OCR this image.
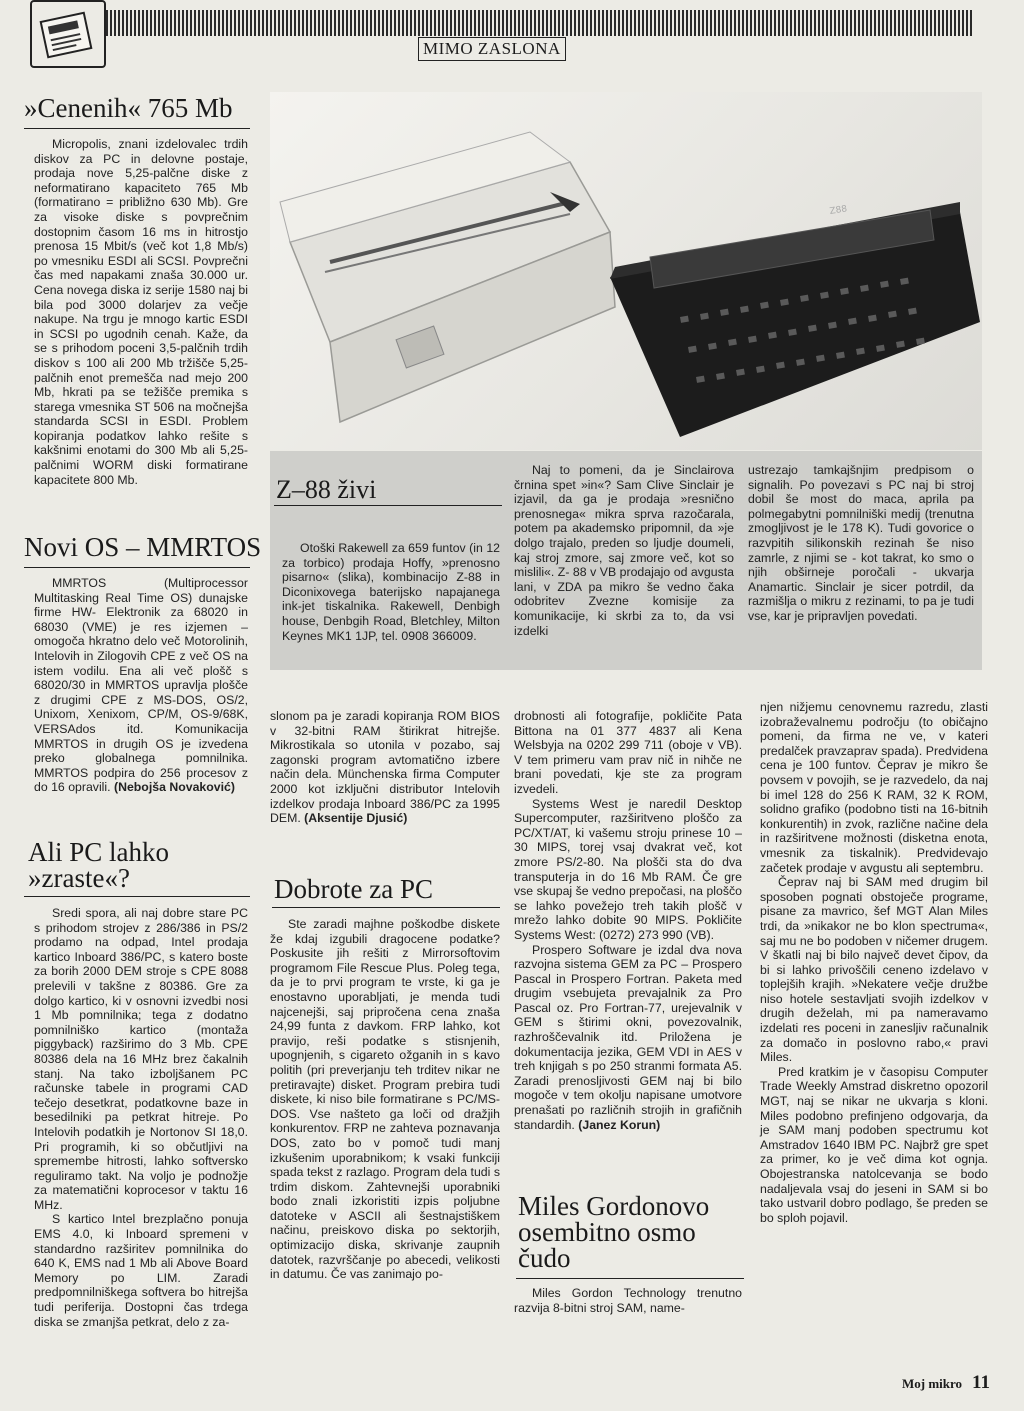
MIMO ZASLONA
»Cenenih« 765 Mb

Micropolis, znani izdelovalec trdih diskov za PC in delovne postaje, prodaja nove 5,25-palčne diske z neformatirano kapaciteto 765 Mb (formatirano = približno 630 Mb). Gre za visoke diske s povprečnim dostopnim časom 16 ms in hitrostjo prenosa 15 Mbit/s (več kot 1,8 Mb/s) po vmesniku ESDI ali SCSI. Povprečni čas med napakami znaša 30.000 ur. Cena novega diska iz serije 1580 naj bi bila pod 3000 dolarjev za večje nakupe. Na trgu je mnogo kartic ESDI in SCSI po ugodnih cenah. Kaže, da se s prihodom poceni 3,5-palčnih trdih diskov s 100 ali 200 Mb tržišče 5,25-palčnih enot premešča nad mejo 200 Mb, hkrati pa se težišče premika s starega vmesnika ST 506 na močnejša standarda SCSI in ESDI. Problem kopiranja podatkov lahko rešite s kakšnimi enotami do 300 Mb ali 5,25-palčnimi WORM diski formatirane kapacitete 800 Mb.

Novi OS – MMRTOS

MMRTOS (Multiprocessor Multitasking Real Time OS) dunajske firme HW- Elektronik za 68020 in 68030 (VME) je res izjemen – omogoča hkratno delo več Motorolinih, Intelovih in Zilogovih CPE z več OS na istem vodilu. Ena ali več plošč s 68020/30 in MMRTOS upravlja plošče z drugimi CPE z MS-DOS, OS/2, Unixom, Xenixom, CP/M, OS-9/68K, VERSAdos itd. Komunikacija MMRTOS in drugih OS je izvedena preko globalnega pomnilnika. MMRTOS podpira do 256 procesov z do 16 opravili. (Nebojša Novaković)

Ali PC lahko
»zraste«?

Sredi spora, ali naj dobre stare PC s prihodom strojev z 286/386 in PS/2 prodamo na odpad, Intel prodaja kartico Inboard 386/PC, s katero boste za borih 2000 DEM stroje s CPE 8088 prelevili v takšne z 80386. Gre za dolgo kartico, ki v osnovni izvedbi nosi 1 Mb pomnilnika; tega z dodatno pomnilniško kartico (montaža piggyback) razširimo do 3 Mb. CPE 80386 dela na 16 MHz brez čakalnih stanj. Na tako izboljšanem PC računske tabele in programi CAD tečejo desetkrat, podatkovne baze in besedilniki pa petkrat hitreje. Po Intelovih podatkih je Nortonov SI 18,0. Pri programih, ki so občutljivi na spremembe hitrosti, lahko softversko reguliramo takt. Na voljo je podnožje za matematični koprocesor v taktu 16 MHz.

S kartico Intel brezplačno ponuja EMS 4.0, ki Inboard spremeni v standardno razširitev pomnilnika do 640 K, EMS nad 1 Mb ali Above Board Memory po LIM. Zaradi predpomnilniškega softvera bo hitrejša tudi periferija. Dostopni čas trdega diska se zmanjša petkrat, delo z za-

Z88
Z–88 živi

Otoški Rakewell za 659 funtov (in 12 za torbico) prodaja Hoffy, »prenosno pisarno« (slika), kombinacijo Z-88 in Diconixovega baterijsko napajanega ink-jet tiskalnika. Rakewell, Denbigh house, Denbgih Road, Bletchley, Milton Keynes MK1 1JP, tel. 0908 366009.

Naj to pomeni, da je Sinclairova črnina spet »in«? Sam Clive Sinclair je izjavil, da ga je prodaja »resnično prenosnega« mikra sprva razočarala, potem pa akademsko pripomnil, da »je dolgo trajalo, preden so ljudje doumeli, kaj stroj zmore, saj zmore več, kot so mislili«. Z- 88 v VB prodajajo od avgusta lani, v ZDA pa mikro še vedno čaka odobritev Zvezne komisije za komunikacije, ki skrbi za to, da vsi izdelki

ustrezajo tamkajšnjim predpisom o signalih. Po povezavi s PC naj bi stroj dobil še most do maca, aprila pa polmegabytni pomnilniški medij (trenutna zmogljivost je le 178 K). Tudi govorice o razvpitih silikonskih rezinah še niso zamrle, z njimi se - kot takrat, ko smo o njih obširneje poročali - ukvarja Anamartic. Sinclair je sicer potrdil, da razmišlja o mikru z rezinami, to pa je tudi vse, kar je pripravljen povedati.

slonom pa je zaradi kopiranja ROM BIOS v 32-bitni RAM štirikrat hitrejše. Mikrostikala so utonila v pozabo, saj zagonski program avtomatično izbere način dela. Münchenska firma Computer 2000 kot izključni distributor Intelovih izdelkov prodaja Inboard 386/PC za 1995 DEM. (Aksentije Djusić)

Dobrote za PC

Ste zaradi majhne poškodbe diskete že kdaj izgubili dragocene podatke? Poskusite jih rešiti z Mirrorsoftovim programom File Rescue Plus. Poleg tega, da je to prvi program te vrste, ki ga je enostavno uporabljati, je menda tudi najcenejši, saj pripročena cena znaša 24,99 funta z davkom. FRP lahko, kot pravijo, reši podatke s stisnjenih, upognjenih, s cigareto ožganih in s kavo politih (pri preverjanju teh trditev nikar ne pretiravajte) disket. Program prebira tudi diskete, ki niso bile formatirane s PC/MS-DOS. Vse našteto ga loči od dražjih konkurentov. FRP ne zahteva poznavanja DOS, zato bo v pomoč tudi manj izkušenim uporabnikom; k vsaki funkciji spada tekst z razlago. Program dela tudi s trdim diskom. Zahtevnejši uporabniki bodo znali izkoristiti izpis poljubne datoteke v ASCII ali šestnajstiškem načinu, preiskovo diska po sektorjih, optimizacijo diska, skrivanje zaupnih datotek, razvrščanje po abecedi, velikosti in datumu. Če vas zanimajo po-

drobnosti ali fotografije, pokličite Pata Bittona na 01 377 4837 ali Kena Welsbyja na 0202 299 711 (oboje v VB). V tem primeru vam prav nič in nihče ne brani povedati, kje ste za program izvedeli.

Systems West je naredil Desktop Supercomputer, razširitveno ploščo za PC/XT/AT, ki vašemu stroju prinese 10 – 30 MIPS, torej vsaj dvakrat več, kot zmore PS/2-80. Na plošči sta do dva transputerja in do 16 Mb RAM. Če gre vse skupaj še vedno prepočasi, na ploščo se lahko povežejo treh takih plošč v mrežo lahko dobite 90 MIPS. Pokličite Systems West: (0272) 273 990 (VB).

Prospero Software je izdal dva nova razvojna sistema GEM za PC – Prospero Pascal in Prospero Fortran. Paketa med drugim vsebujeta prevajalnik za Pro Pascal oz. Pro Fortran-77, urejevalnik v GEM s štirimi okni, povezovalnik, razhroščevalnik itd. Priložena je dokumentacija jezika, GEM VDI in AES v treh knjigah s po 250 stranmi formata A5. Zaradi prenosljivosti GEM naj bi bilo mogoče v tem okolju napisane umotvore prenašati po različnih strojih in grafičnih standardih. (Janez Korun)

Miles Gordonovo
osembitno osmo
čudo

Miles Gordon Technology trenutno razvija 8-bitni stroj SAM, name-

njen nižjemu cenovnemu razredu, zlasti izobraževalnemu področju (to običajno pomeni, da firma ne ve, v kateri predalček pravzaprav spada). Predvidena cena je 100 funtov. Čeprav je mikro še povsem v povojih, se je razvedelo, da naj bi imel 128 do 256 K RAM, 32 K ROM, solidno grafiko (podobno tisti na 16-bitnih konkurentih) in zvok, različne načine dela in razširitvene možnosti (disketna enota, vmesnik za tiskalnik). Predvidevajo začetek prodaje v avgustu ali septembru.

Čeprav naj bi SAM med drugim bil sposoben pognati obstoječe programe, pisane za mavrico, šef MGT Alan Miles trdi, da »nikakor ne bo klon spectruma«, saj mu ne bo podoben v ničemer drugem. V škatli naj bi bilo največ devet čipov, da bi si lahko privoščili ceneno izdelavo v toplejših krajih. »Nekatere večje družbe niso hotele sestavljati svojih izdelkov v drugih deželah, mi pa nameravamo izdelati res poceni in zanesljiv računalnik za domačo in poslovno rabo,« pravi Miles.

Pred kratkim je v časopisu Computer Trade Weekly Amstrad diskretno opozoril MGT, naj se nikar ne ukvarja s kloni. Miles podobno prefinjeno odgovarja, da je SAM manj podoben spectrumu kot Amstradov 1640 IBM PC. Najbrž gre spet za primer, ko je več dima kot ognja. Obojestranska natolcevanja se bodo nadaljevala vsaj do jeseni in SAM si bo tako ustvaril dobro podlago, še preden se bo sploh pojavil.

Moj mikro 11
